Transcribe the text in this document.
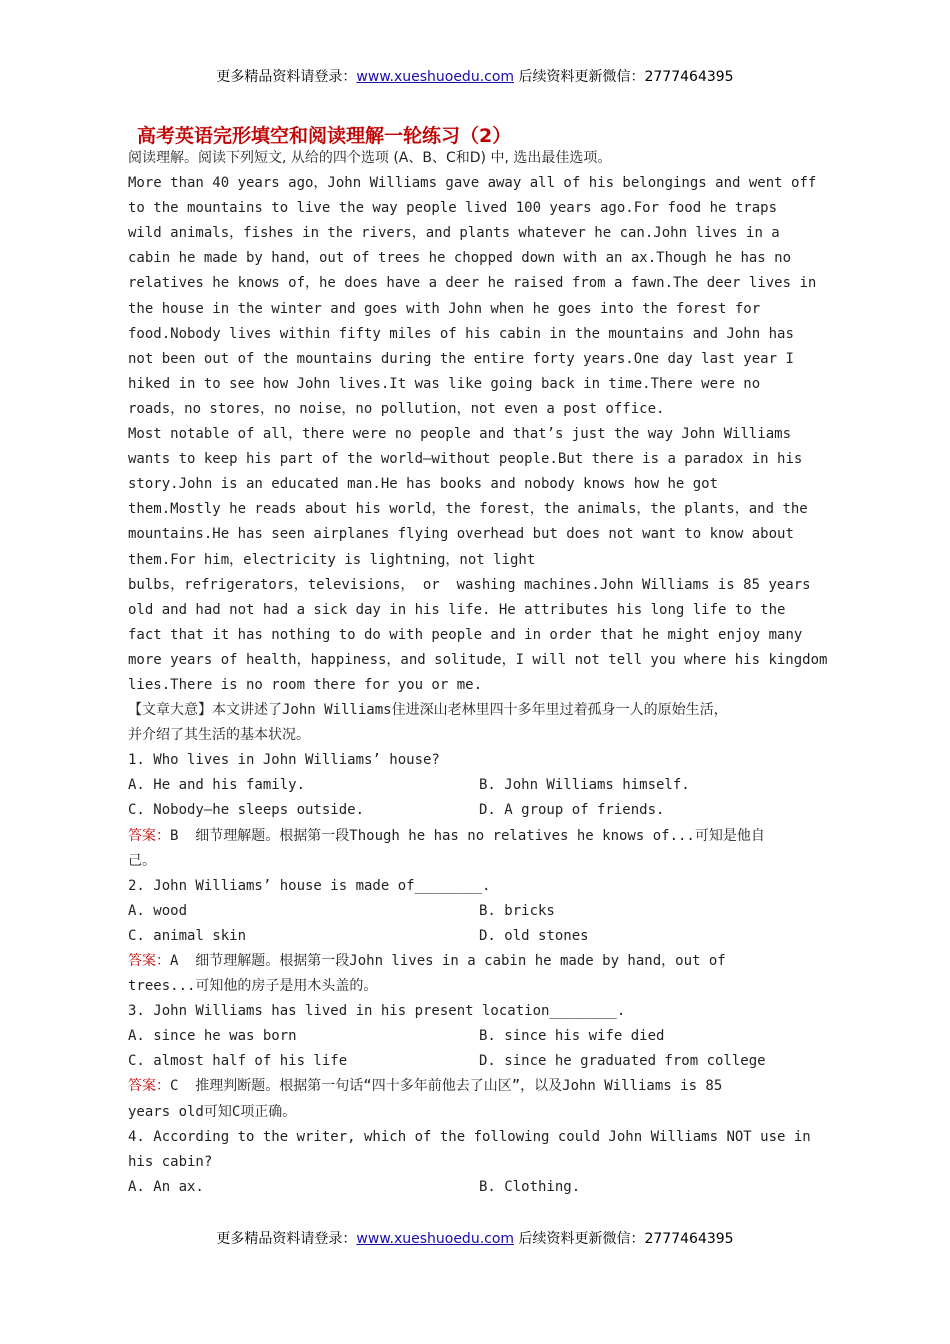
更多精品资料请登录：www.xueshuoedu.com 后续资料更新微信：2777464395
高考英语完形填空和阅读理解一轮练习（2）
阅读理解。阅读下列短文, 从给的四个选项 (A、B、C和D) 中, 选出最佳选项。
More than 40 years ago，John Williams gave away all of his belongings and went off
to the mountains to live the way people lived 100 years ago.For food he traps
wild animals，fishes in the rivers，and plants whatever he can.John lives in a
cabin he made by hand，out of trees he chopped down with an ax.Though he has no
relatives he knows of，he does have a deer he raised from a fawn.The deer lives in
the house in the winter and goes with John when he goes into the forest for
food.Nobody lives within fifty miles of his cabin in the mountains and John has
not been out of the mountains during the entire forty years.One day last year I
hiked in to see how John lives.It was like going back in time.There were no
roads，no stores，no noise，no pollution，not even a post office.
Most notable of all，there were no people and that’s just the way John Williams
wants to keep his part of the world—without people.But there is a paradox in his
story.John is an educated man.He has books and nobody knows how he got
them.Mostly he reads about his world，the forest，the animals，the plants，and the
mountains.He has seen airplanes flying overhead but does not want to know about
them.For him，electricity is lightning，not light
bulbs，refrigerators，televisions， or  washing machines.John Williams is 85 years
old and had not had a sick day in his life. He attributes his long life to the
fact that it has nothing to do with people and in order that he might enjoy many
more years of health，happiness，and solitude，I will not tell you where his kingdom
lies.There is no room there for you or me.
【文章大意】本文讲述了John Williams住进深山老林里四十多年里过着孤身一人的原始生活，
并介绍了其生活的基本状况。
1. Who lives in John Williams’ house?
A. He and his family.	B. John Williams himself.
C. Nobody—he sleeps outside.	D. A group of friends.
答案：B  细节理解题。根据第一段Though he has no relatives he knows of...可知是他自
己。
2. John Williams’ house is made of________.
A. wood	B. bricks
C. animal skin	D. old stones
答案：A  细节理解题。根据第一段John lives in a cabin he made by hand，out of
trees...可知他的房子是用木头盖的。
3. John Williams has lived in his present location________.
A. since he was born	B. since his wife died
C. almost half of his life	D. since he graduated from college
答案：C  推理判断题。根据第一句话“四十多年前他去了山区”，以及John Williams is 85
years old可知C项正确。
4. According to the writer, which of the following could John Williams NOT use in
his cabin?
A. An ax.	B. Clothing.
更多精品资料请登录：www.xueshuoedu.com 后续资料更新微信：2777464395
